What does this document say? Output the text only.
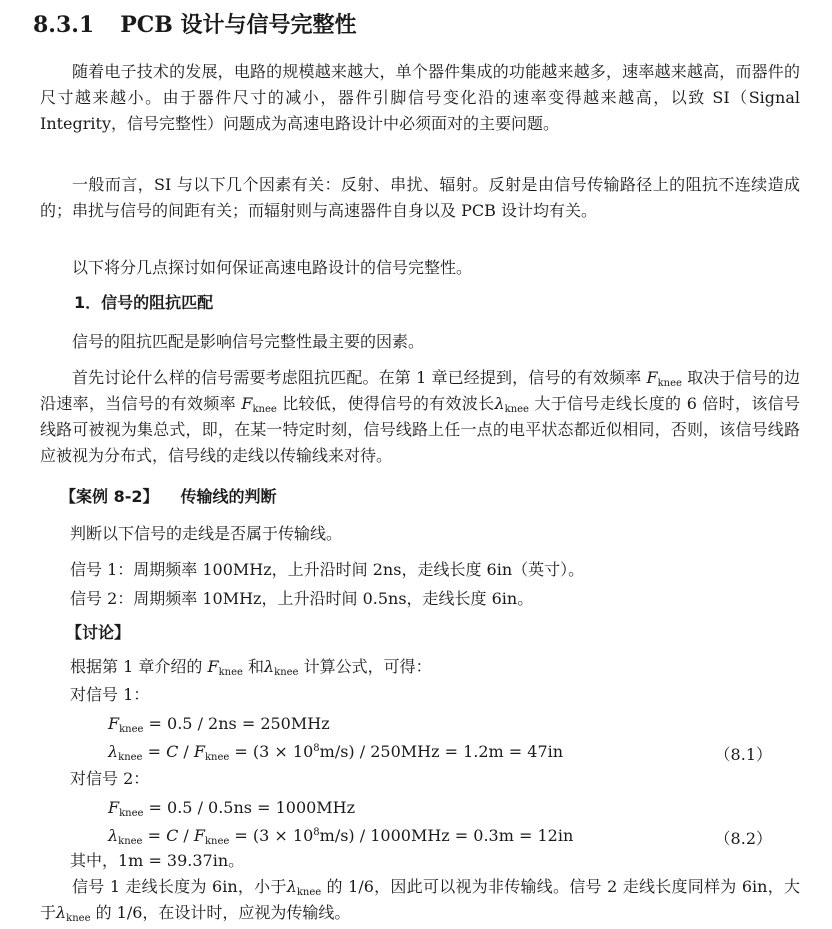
8.3.1 PCB 设计与信号完整性

随着电子技术的发展，电路的规模越来越大，单个器件集成的功能越来越多，速率越来越高，而器件的尺寸越来越小。由于器件尺寸的减小，器件引脚信号变化沿的速率变得越来越高，以致 SI（Signal Integrity，信号完整性）问题成为高速电路设计中必须面对的主要问题。

一般而言，SI 与以下几个因素有关：反射、串扰、辐射。反射是由信号传输路径上的阻抗不连续造成的；串扰与信号的间距有关；而辐射则与高速器件自身以及 PCB 设计均有关。

以下将分几点探讨如何保证高速电路设计的信号完整性。

1．信号的阻抗匹配

信号的阻抗匹配是影响信号完整性最主要的因素。

首先讨论什么样的信号需要考虑阻抗匹配。在第 1 章已经提到，信号的有效频率 $F_{knee}$ 取决于信号的边沿速率，当信号的有效频率 $F_{knee}$ 比较低，使得信号的有效波长$\lambda_{knee}$ 大于信号走线长度的 6 倍时，该信号线路可被视为集总式，即，在某一特定时刻，信号线路上任一点的电平状态都近似相同，否则，该信号线路应被视为分布式，信号线的走线以传输线来对待。

【案例 8-2】 传输线的判断
判断以下信号的走线是否属于传输线。
信号 1：周期频率 100MHz，上升沿时间 2ns，走线长度 6in（英寸）。
信号 2：周期频率 10MHz，上升沿时间 0.5ns，走线长度 6in。
【讨论】
根据第 1 章介绍的 $F_{knee}$ 和$\lambda_{knee}$ 计算公式，可得：
对信号 1：
$F_{knee} = 0.5 / 2ns = 250MHz$
$\lambda_{knee} = C / F_{knee} = (3 \times 10^8m/s) / 250MHz = 1.2m = 47in$	（8.1）
对信号 2：
$F_{knee} = 0.5 / 0.5ns = 1000MHz$
$\lambda_{knee} = C / F_{knee} = (3 \times 10^8m/s) / 1000MHz = 0.3m = 12in$	（8.2）
其中，1m = 39.37in。

信号 1 走线长度为 6in，小于$\lambda_{knee}$ 的 1/6，因此可以视为非传输线。信号 2 走线长度同样为 6in，大于$\lambda_{knee}$ 的 1/6，在设计时，应视为传输线。
